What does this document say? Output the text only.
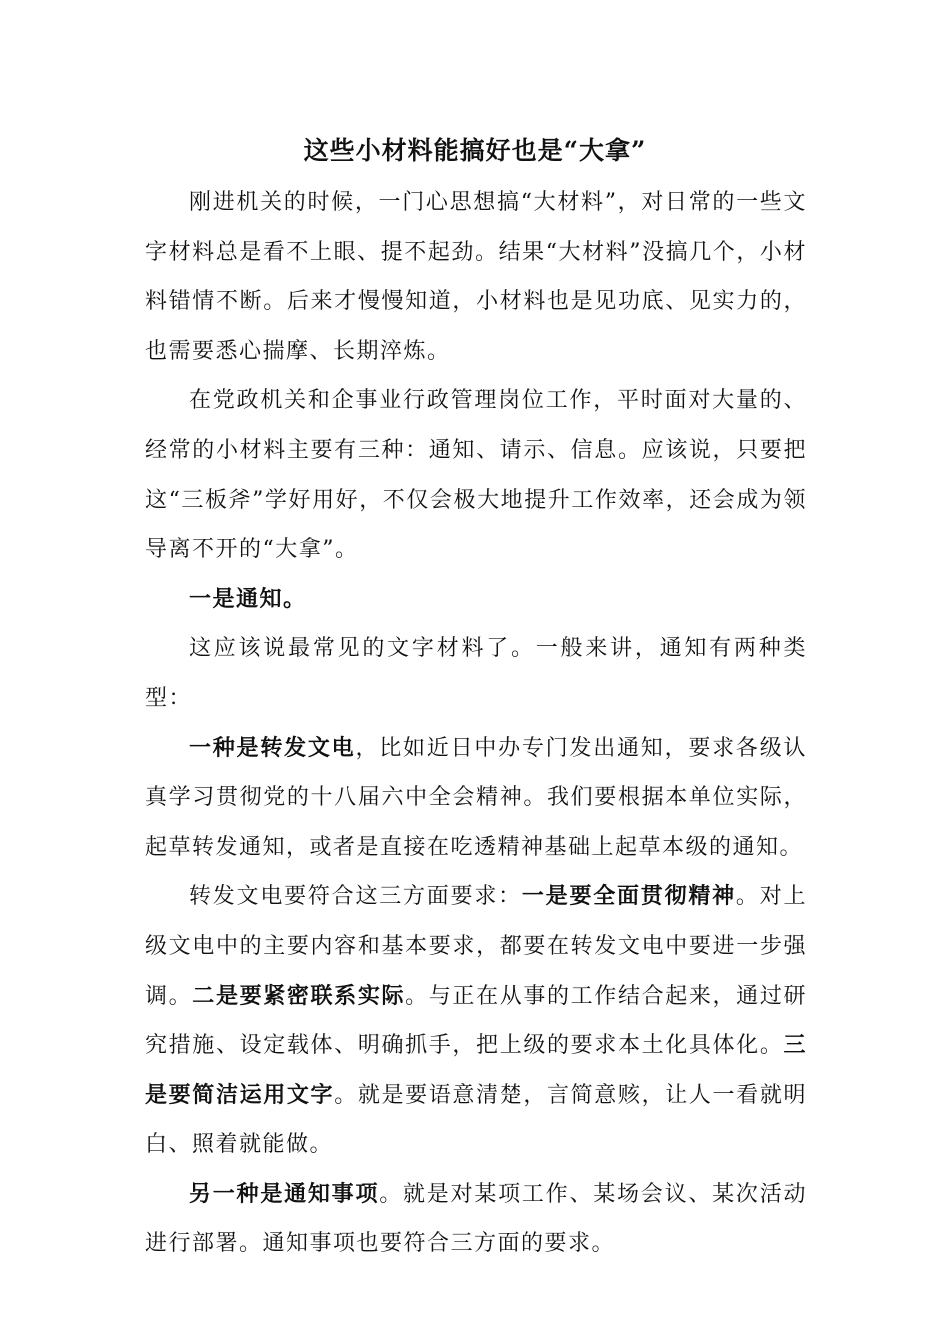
这些小材料能搞好也是“大拿”

刚进机关的时候，一门心思想搞“大材料”，对日常的一些文字材料总是看不上眼、提不起劲。结果“大材料”没搞几个，小材料错情不断。后来才慢慢知道，小材料也是见功底、见实力的，也需要悉心揣摩、长期淬炼。

在党政机关和企事业行政管理岗位工作，平时面对大量的、经常的小材料主要有三种：通知、请示、信息。应该说，只要把这“三板斧”学好用好，不仅会极大地提升工作效率，还会成为领导离不开的“大拿”。

一是通知。

这应该说最常见的文字材料了。一般来讲，通知有两种类型：

一种是转发文电，比如近日中办专门发出通知，要求各级认真学习贯彻党的十八届六中全会精神。我们要根据本单位实际，起草转发通知，或者是直接在吃透精神基础上起草本级的通知。

转发文电要符合这三方面要求：一是要全面贯彻精神。对上级文电中的主要内容和基本要求，都要在转发文电中要进一步强调。二是要紧密联系实际。与正在从事的工作结合起来，通过研究措施、设定载体、明确抓手，把上级的要求本土化具体化。三是要简洁运用文字。就是要语意清楚，言简意赅，让人一看就明白、照着就能做。

另一种是通知事项。就是对某项工作、某场会议、某次活动进行部署。通知事项也要符合三方面的要求。
